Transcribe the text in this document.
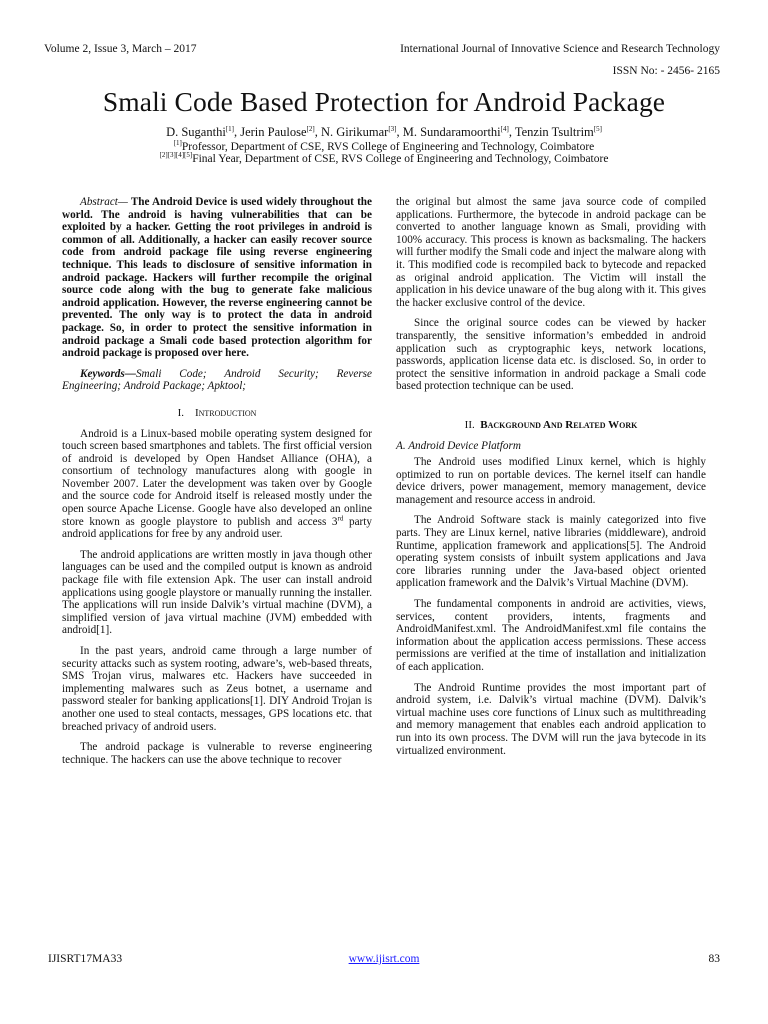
Volume 2, Issue 3, March – 2017	International Journal of Innovative Science and Research Technology
ISSN No: - 2456- 2165
Smali Code Based Protection for Android Package
D. Suganthi[1], Jerin Paulose[2], N. Girikumar[3], M. Sundaramoorthi[4], Tenzin Tsultrim[5]
[1]Professor, Department of CSE, RVS College of Engineering and Technology, Coimbatore
[2][3][4][5]Final Year, Department of CSE, RVS College of Engineering and Technology, Coimbatore

Abstract— The Android Device is used widely throughout the world. The android is having vulnerabilities that can be exploited by a hacker. Getting the root privileges in android is common of all. Additionally, a hacker can easily recover source code from android package file using reverse engineering technique. This leads to disclosure of sensitive information in android package. Hackers will further recompile the original source code along with the bug to generate fake malicious android application. However, the reverse engineering cannot be prevented. The only way is to protect the data in android package. So, in order to protect the sensitive information in android package a Smali code based protection algorithm for android package is proposed over here.

Keywords—Smali Code; Android Security; Reverse Engineering; Android Package; Apktool;

I. Introduction

Android is a Linux-based mobile operating system designed for touch screen based smartphones and tablets. The first official version of android is developed by Open Handset Alliance (OHA), a consortium of technology manufactures along with google in November 2007. Later the development was taken over by Google and the source code for Android itself is released mostly under the open source Apache License. Google have also developed an online store known as google playstore to publish and access 3rd party android applications for free by any android user.

The android applications are written mostly in java though other languages can be used and the compiled output is known as android package file with file extension Apk. The user can install android applications using google playstore or manually running the installer. The applications will run inside Dalvik’s virtual machine (DVM), a simplified version of java virtual machine (JVM) embedded with android[1].

In the past years, android came through a large number of security attacks such as system rooting, adware’s, web-based threats, SMS Trojan virus, malwares etc. Hackers have succeeded in implementing malwares such as Zeus botnet, a username and password stealer for banking applications[1]. DIY Android Trojan is another one used to steal contacts, messages, GPS locations etc. that breached privacy of android users.

The android package is vulnerable to reverse engineering technique. The hackers can use the above technique to recover

the original but almost the same java source code of compiled applications. Furthermore, the bytecode in android package can be converted to another language known as Smali, providing with 100% accuracy. This process is known as backsmaling. The hackers will further modify the Smali code and inject the malware along with it. This modified code is recompiled back to bytecode and repacked as original android application. The Victim will install the application in his device unaware of the bug along with it. This gives the hacker exclusive control of the device.

Since the original source codes can be viewed by hacker transparently, the sensitive information’s embedded in android application such as cryptographic keys, network locations, passwords, application license data etc. is disclosed. So, in order to protect the sensitive information in android package a Smali code based protection technique can be used.

II. Background And Related Work
A. Android Device Platform

The Android uses modified Linux kernel, which is highly optimized to run on portable devices. The kernel itself can handle device drivers, power management, memory management, device management and resource access in android.

The Android Software stack is mainly categorized into five parts. They are Linux kernel, native libraries (middleware), android Runtime, application framework and applications[5]. The Android operating system consists of inbuilt system applications and Java core libraries running under the Java-based object oriented application framework and the Dalvik’s Virtual Machine (DVM).

The fundamental components in android are activities, views, services, content providers, intents, fragments and AndroidManifest.xml. The AndroidManifest.xml file contains the information about the application access permissions. These access permissions are verified at the time of installation and initialization of each application.

The Android Runtime provides the most important part of android system, i.e. Dalvik’s virtual machine (DVM). Dalvik’s virtual machine uses core functions of Linux such as multithreading and memory management that enables each android application to run into its own process. The DVM will run the java bytecode in its virtualized environment.

IJISRT17MA33	www.ijisrt.com	83
